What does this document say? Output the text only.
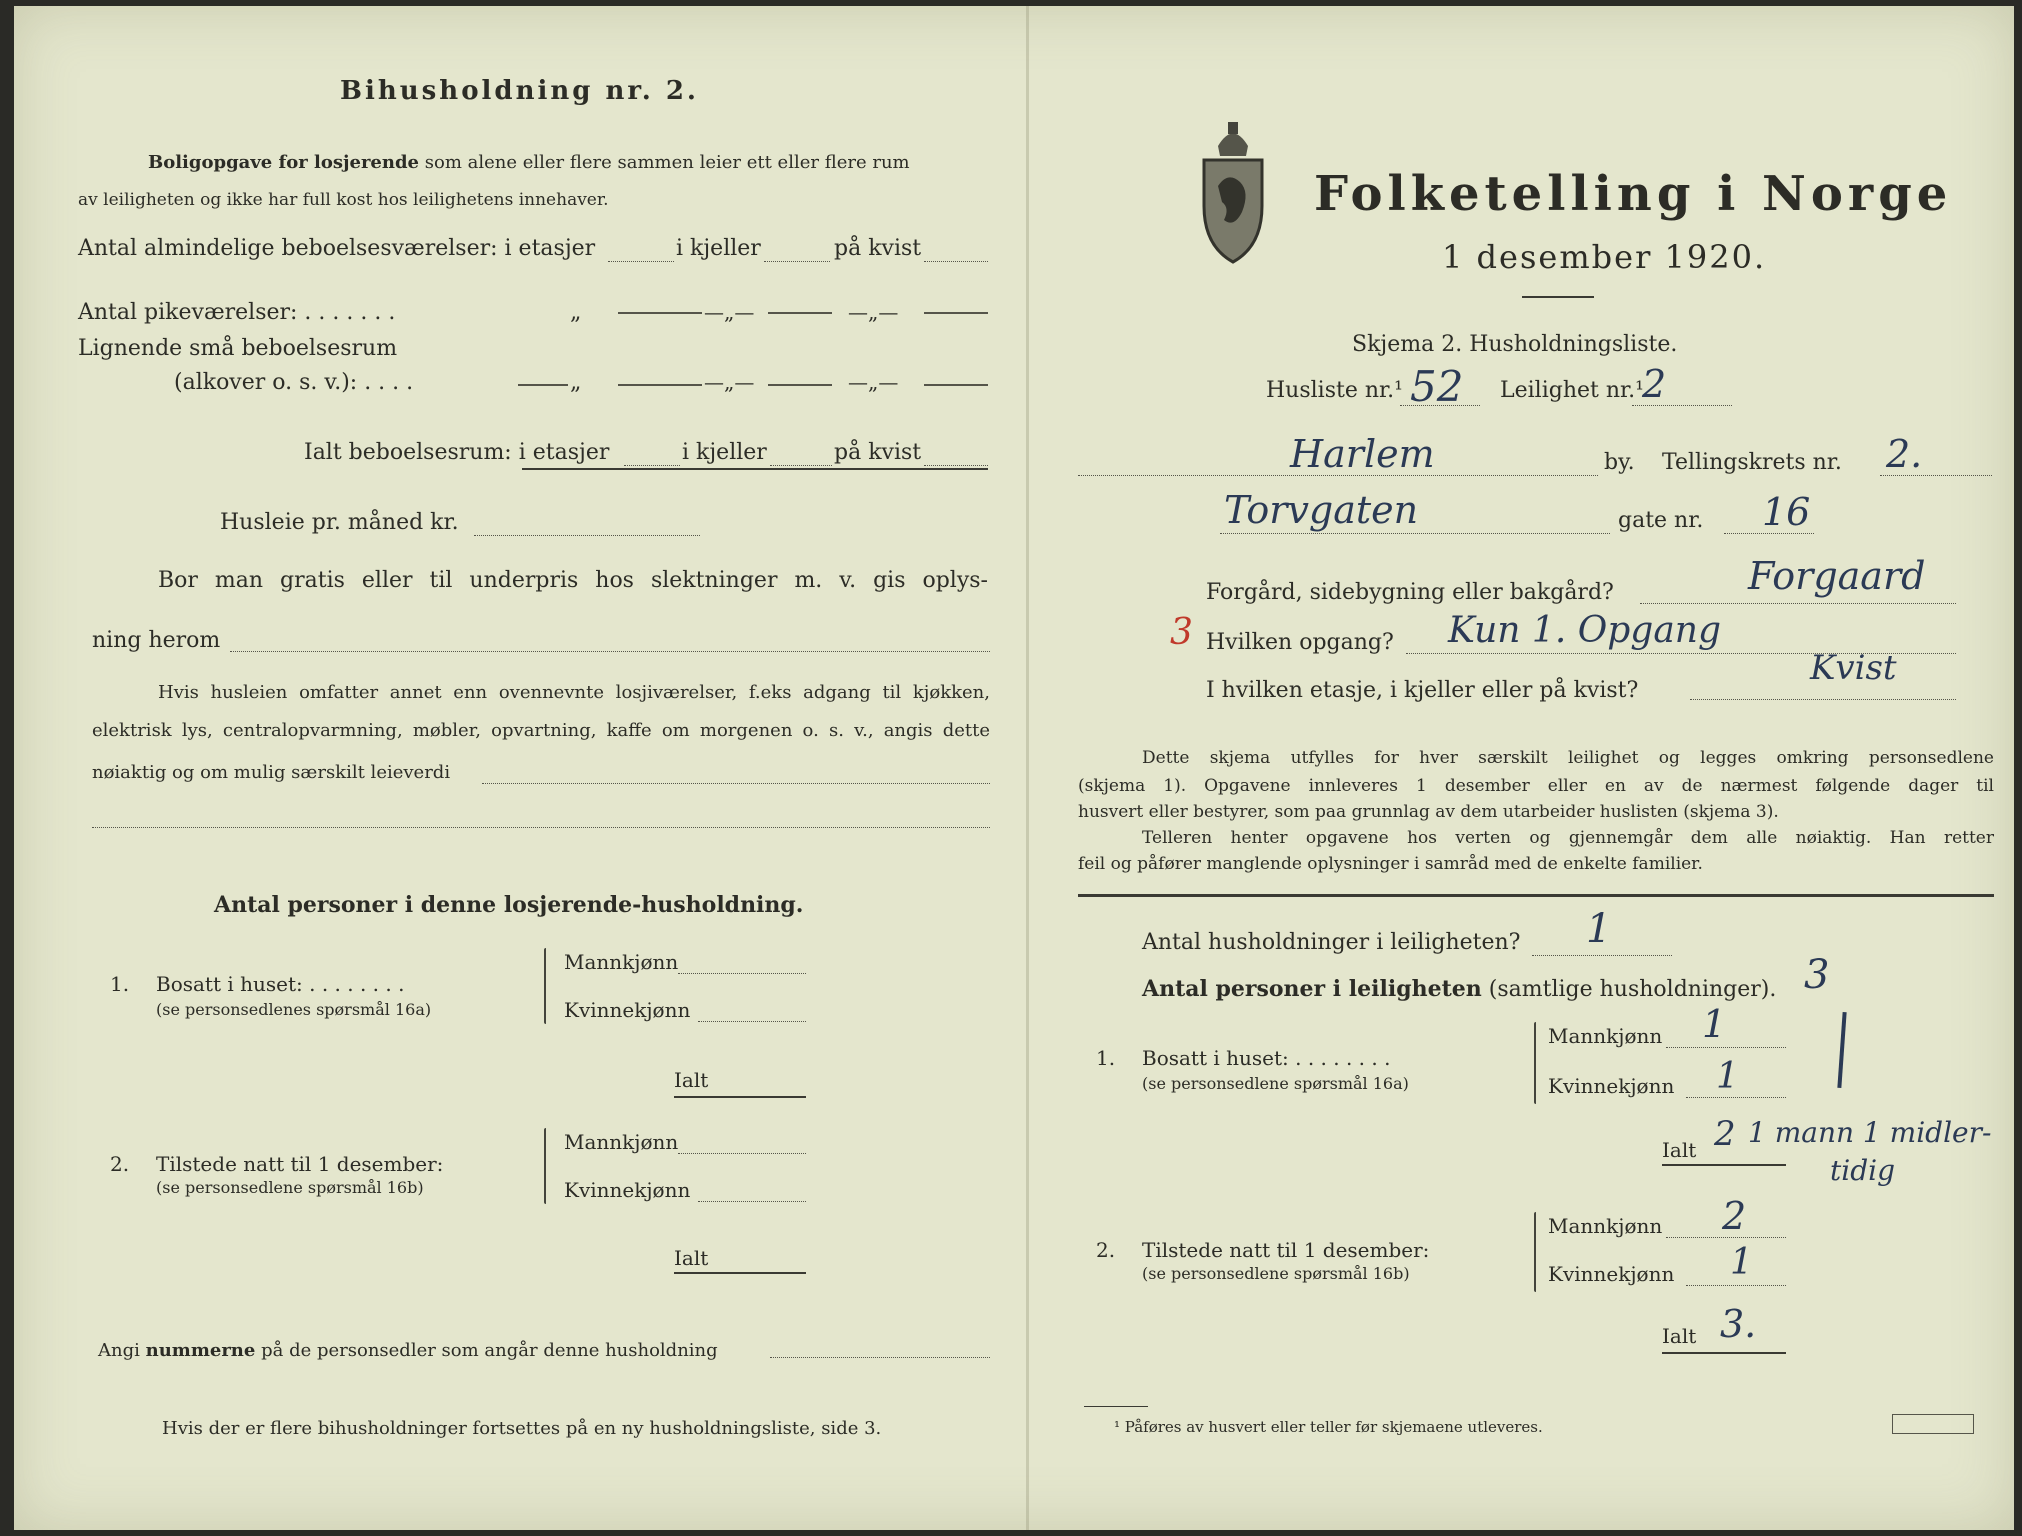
Bihusholdning nr. 2.
Boligopgave for losjerende som alene eller flere sammen leier ett eller flere rum
av leiligheten og ikke har full kost hos leilighetens innehaver.
Antal almindelige beboelsesværelser: i etasjer	i kjeller	på kvist
Antal pikeværelser: . . . . . . .	„	—„—	—„—
Lignende små beboelsesrum
(alkover o. s. v.): . . . .	„	—„—	—„—
Ialt beboelsesrum: i etasjer	i kjeller	på kvist
Husleie pr. måned kr.
Bor man gratis eller til underpris hos slektninger m. v. gis oplys-
ning herom
Hvis husleien omfatter annet enn ovennevnte losjiværelser, f.eks adgang til kjøkken,
elektrisk lys, centralopvarmning, møbler, opvartning, kaffe om morgenen o. s. v., angis dette
nøiaktig og om mulig særskilt leieverdi
Antal personer i denne losjerende-husholdning.
1. Bosatt i huset: . . . . . . . .
(se personsedlenes spørsmål 16a)
Mannkjønn
Kvinnekjønn
Ialt
2. Tilstede natt til 1 desember:
(se personsedlene spørsmål 16b)
Mannkjønn
Kvinnekjønn
Ialt
Angi nummerne på de personsedler som angår denne husholdning
Hvis der er flere bihusholdninger fortsettes på en ny husholdningsliste, side 3.
Folketelling i Norge
1 desember 1920.
Skjema 2. Husholdningsliste.
Husliste nr.¹ 52 Leilighet nr.¹
2
Harlem	by. Tellingskrets nr. 2.
Torvgaten	gate nr. 16
Forgård, sidebygning eller bakgård?	Forgaard
3 Hvilken opgang? Kun 1. Opgang
I hvilken etasje, i kjeller eller på kvist?
Kvist
Dette skjema utfylles for hver særskilt leilighet og legges omkring personsedlene
(skjema 1). Opgavene innleveres 1 desember eller en av de nærmest følgende dager til
husvert eller bestyrer, som paa grunnlag av dem utarbeider huslisten (skjema 3).
Telleren henter opgavene hos verten og gjennemgår dem alle nøiaktig. Han retter
feil og påfører manglende oplysninger i samråd med de enkelte familier.
Antal husholdninger i leiligheten? 1
Antal personer i leiligheten (samtlige husholdninger). 3
1. Bosatt i huset: . . . . . . . .
(se personsedlene spørsmål 16a)
Mannkjønn 1
Kvinnekjønn 1
Ialt 2 1 mann 1 midler-
tidig
2. Tilstede natt til 1 desember:
(se personsedlene spørsmål 16b)
Mannkjønn 2
Kvinnekjønn 1
Ialt 3.
¹ Påføres av husvert eller teller før skjemaene utleveres.
